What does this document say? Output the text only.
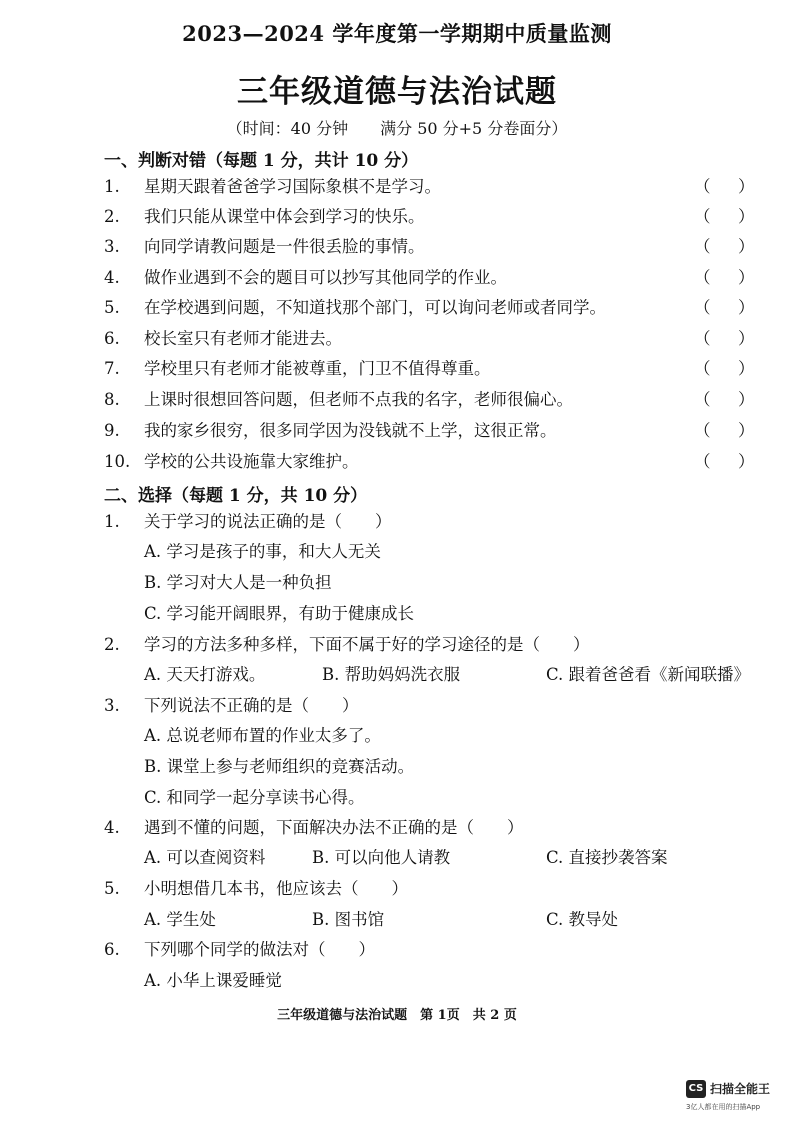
2023—2024 学年度第一学期期中质量监测
三年级道德与法治试题
（时间：40 分钟　　满分 50 分+5 分卷面分）
一、判断对错（每题 1 分，共计 10 分）
1.	星期天跟着爸爸学习国际象棋不是学习。	（ ）
2.	我们只能从课堂中体会到学习的快乐。	（ ）
3.	向同学请教问题是一件很丢脸的事情。	（ ）
4.	做作业遇到不会的题目可以抄写其他同学的作业。	（ ）
5.	在学校遇到问题，不知道找那个部门，可以询问老师或者同学。	（ ）
6.	校长室只有老师才能进去。	（ ）
7.	学校里只有老师才能被尊重，门卫不值得尊重。	（ ）
8.	上课时很想回答问题，但老师不点我的名字，老师很偏心。	（ ）
9.	我的家乡很穷，很多同学因为没钱就不上学，这很正常。	（ ）
10. 学校的公共设施靠大家维护。	（ ）
二、选择（每题 1 分，共 10 分）
1.	关于学习的说法正确的是（　　）
A. 学习是孩子的事，和大人无关
B. 学习对大人是一种负担
C. 学习能开阔眼界，有助于健康成长
2.	学习的方法多种多样，下面不属于好的学习途径的是（　　）
A. 天天打游戏。	B. 帮助妈妈洗衣服	C. 跟着爸爸看《新闻联播》
3.	下列说法不正确的是（　　）
A. 总说老师布置的作业太多了。
B. 课堂上参与老师组织的竞赛活动。
C. 和同学一起分享读书心得。
4.	遇到不懂的问题，下面解决办法不正确的是（　　）
A. 可以查阅资料	B. 可以向他人请教	C. 直接抄袭答案
5.	小明想借几本书，他应该去（　　）
A. 学生处	B. 图书馆	C. 教导处
6.	下列哪个同学的做法对（　　）
A. 小华上课爱睡觉
三年级道德与法治试题　第 1页　共 2 页
CS 扫描全能王
3亿人都在用的扫描App
